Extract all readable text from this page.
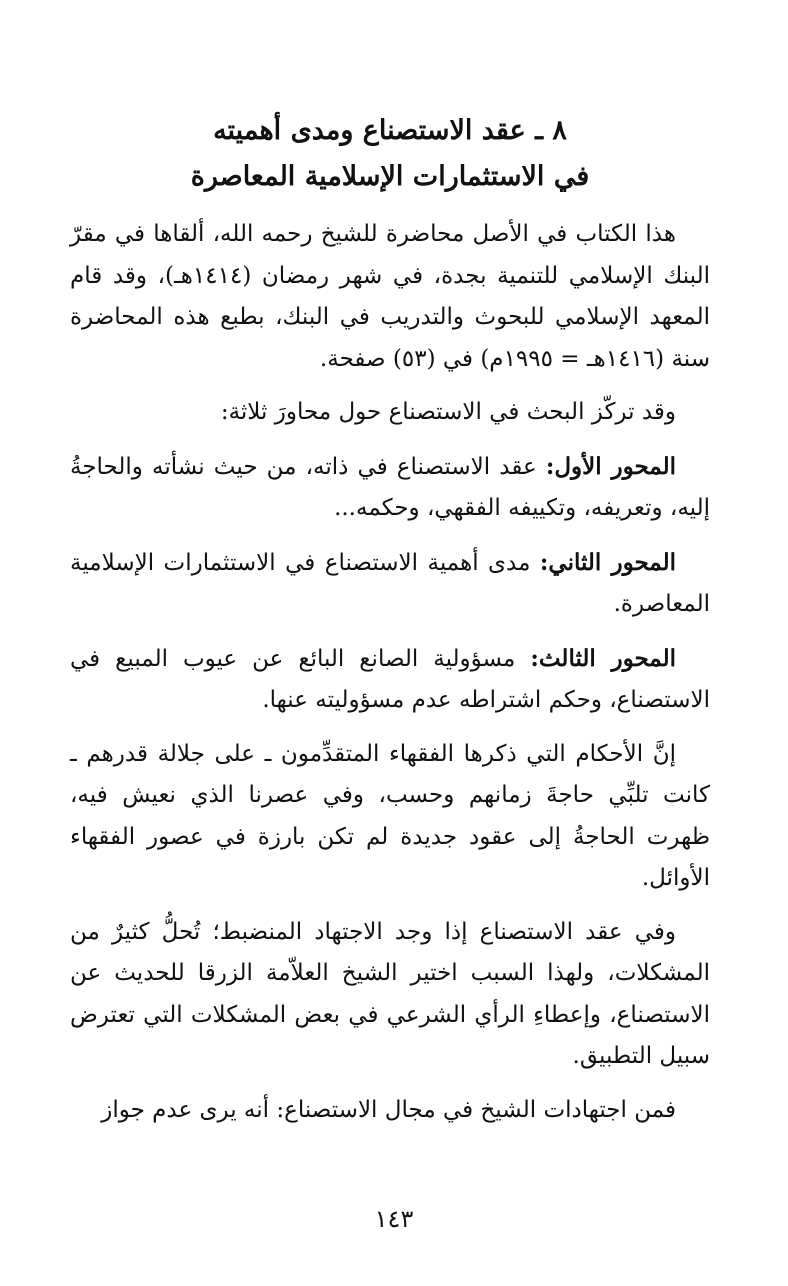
٨ ـ عقد الاستصناع ومدى أهميته
في الاستثمارات الإسلامية المعاصرة

هذا الكتاب في الأصل محاضرة للشيخ رحمه الله، ألقاها في مقرّ البنك الإسلامي للتنمية بجدة، في شهر رمضان (١٤١٤هـ)، وقد قام المعهد الإسلامي للبحوث والتدريب في البنك، بطبع هذه المحاضرة سنة (١٤١٦هـ = ١٩٩٥م) في (٥٣) صفحة.

وقد تركّز البحث في الاستصناع حول محاورَ ثلاثة:

المحور الأول: عقد الاستصناع في ذاته، من حيث نشأته والحاجةُ إليه، وتعريفه، وتكييفه الفقهي، وحكمه...

المحور الثاني: مدى أهمية الاستصناع في الاستثمارات الإسلامية المعاصرة.

المحور الثالث: مسؤولية الصانع البائع عن عيوب المبيع في الاستصناع، وحكم اشتراطه عدم مسؤوليته عنها.

إنَّ الأحكام التي ذكرها الفقهاء المتقدِّمون ـ على جلالة قدرهم ـ كانت تلبِّي حاجةَ زمانهم وحسب، وفي عصرنا الذي نعيش فيه، ظهرت الحاجةُ إلى عقود جديدة لم تكن بارزة في عصور الفقهاء الأوائل.

وفي عقد الاستصناع إذا وجد الاجتهاد المنضبط؛ تُحلُّ كثيرٌ من المشكلات، ولهذا السبب اختير الشيخ العلاّمة الزرقا للحديث عن الاستصناع، وإعطاءِ الرأي الشرعي في بعض المشكلات التي تعترض سبيل التطبيق.

فمن اجتهادات الشيخ في مجال الاستصناع: أنه يرى عدم جواز

١٤٣
